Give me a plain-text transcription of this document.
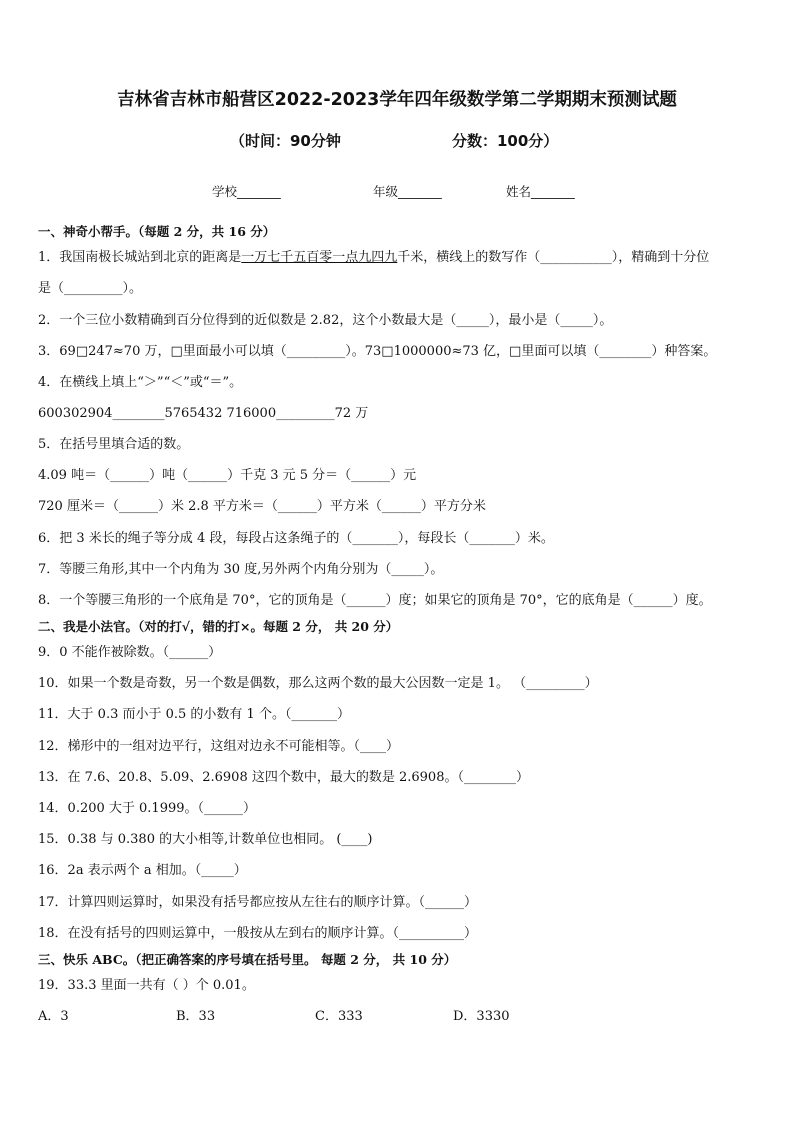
吉林省吉林市船营区2022-2023学年四年级数学第二学期期末预测试题
（时间：90分钟	分数：100分）
学校_______	年级_______	姓名_______
一、神奇小帮手。（每题 2 分，共 16 分）
1．我国南极长城站到北京的距离是一万七千五百零一点九四九千米，横线上的数写作（___________），精确到十分位
是（_________）。
2．一个三位小数精确到百分位得到的近似数是 2.82，这个小数最大是（_____），最小是（_____）。
3．69□247≈70 万，□里面最小可以填（_________）。73□1000000≈73 亿，□里面可以填（________）种答案。
4．在横线上填上“＞”“＜”或“＝”。
600302904________5765432 716000_________72 万
5．在括号里填合适的数。
4.09 吨＝（______）吨（______）千克 3 元 5 分＝（______）元
720 厘米＝（______）米 2.8 平方米＝（______）平方米（______）平方分米
6．把 3 米长的绳子等分成 4 段，每段占这条绳子的（_______），每段长（_______）米。
7．等腰三角形,其中一个内角为 30 度,另外两个内角分别为（_____）。
8．一个等腰三角形的一个底角是 70°，它的顶角是（______）度；如果它的顶角是 70°，它的底角是（______）度。
二、我是小法官。（对的打√，错的打×。每题 2 分， 共 20 分）
9．0 不能作被除数。（______）
10．如果一个数是奇数，另一个数是偶数，那么这两个数的最大公因数一定是 1。 （_________）
11．大于 0.3 而小于 0.5 的小数有 1 个。（_______）
12．梯形中的一组对边平行，这组对边永不可能相等。（____）
13．在 7.6、20.8、5.09、2.6908 这四个数中，最大的数是 2.6908。（________）
14．0.200 大于 0.1999。（______）
15．0.38 与 0.380 的大小相等,计数单位也相同。 (____)
16．2a 表示两个 a 相加。（_____）
17．计算四则运算时，如果没有括号都应按从左往右的顺序计算。（______）
18．在没有括号的四则运算中，一般按从左到右的顺序计算。（__________）
三、快乐 ABC。（把正确答案的序号填在括号里。 每题 2 分， 共 10 分）
19．33.3 里面一共有（ ）个 0.01。
A．3	B．33	C．333	D．3330
